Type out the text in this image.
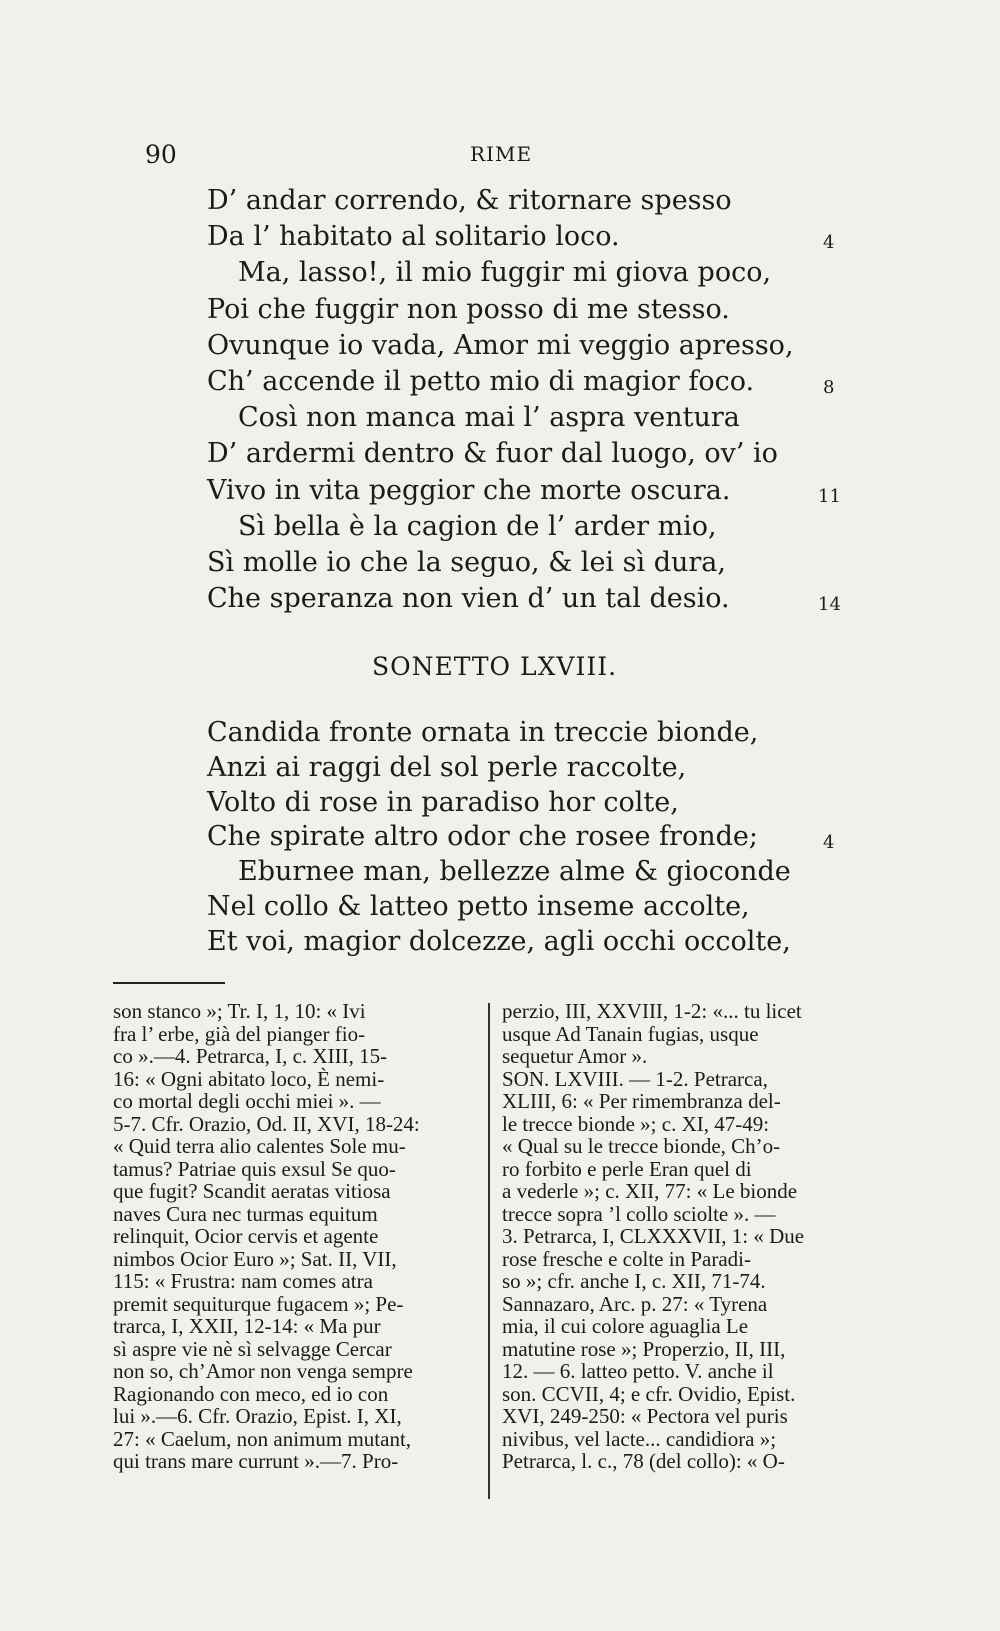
90	RIME
D’ andar correndo, & ritornare spesso
Da l’ habitato al solitario loco.	4
Ma, lasso!, il mio fuggir mi giova poco,
Poi che fuggir non posso di me stesso.
Ovunque io vada, Amor mi veggio apresso,
Ch’ accende il petto mio di magior foco.	8
Così non manca mai l’ aspra ventura
D’ ardermi dentro & fuor dal luogo, ov’ io
Vivo in vita peggior che morte oscura.	11
Sì bella è la cagion de l’ arder mio,
Sì molle io che la seguo, & lei sì dura,
Che speranza non vien d’ un tal desio.	14
SONETTO LXVIII.
Candida fronte ornata in treccie bionde,
Anzi ai raggi del sol perle raccolte,
Volto di rose in paradiso hor colte,
Che spirate altro odor che rosee fronde;	4
Eburnee man, bellezze alme & gioconde
Nel collo & latteo petto inseme accolte,
Et voi, magior dolcezze, agli occhi occolte,
son stanco »; Tr. I, 1, 10: « Ivi
fra l’ erbe, già del pianger fio-
co ».—4. Petrarca, I, c. XIII, 15-
16: « Ogni abitato loco, È nemi-
co mortal degli occhi miei ». —
5-7. Cfr. Orazio, Od. II, XVI, 18-24:
« Quid terra alio calentes Sole mu-
tamus? Patriae quis exsul Se quo-
que fugit? Scandit aeratas vitiosa
naves Cura nec turmas equitum
relinquit, Ocior cervis et agente
nimbos Ocior Euro »; Sat. II, VII,
115: « Frustra: nam comes atra
premit sequiturque fugacem »; Pe-
trarca, I, XXII, 12-14: « Ma pur
sì aspre vie nè sì selvagge Cercar
non so, ch’Amor non venga sempre
Ragionando con meco, ed io con
lui ».—6. Cfr. Orazio, Epist. I, XI,
27: « Caelum, non animum mutant,
qui trans mare currunt ».—7. Pro-
perzio, III, XXVIII, 1-2: «... tu licet
usque Ad Tanain fugias, usque
sequetur Amor ».
SON. LXVIII. — 1-2. Petrarca,
XLIII, 6: « Per rimembranza del-
le trecce bionde »; c. XI, 47-49:
« Qual su le trecce bionde, Ch’o-
ro forbito e perle Eran quel di
a vederle »; c. XII, 77: « Le bionde
trecce sopra ’l collo sciolte ». —
3. Petrarca, I, CLXXXVII, 1: « Due
rose fresche e colte in Paradi-
so »; cfr. anche I, c. XII, 71-74.
Sannazaro, Arc. p. 27: « Tyrena
mia, il cui colore aguaglia Le
matutine rose »; Properzio, II, III,
12. — 6. latteo petto. V. anche il
son. CCVII, 4; e cfr. Ovidio, Epist.
XVI, 249-250: « Pectora vel puris
nivibus, vel lacte... candidiora »;
Petrarca, l. c., 78 (del collo): « O-
